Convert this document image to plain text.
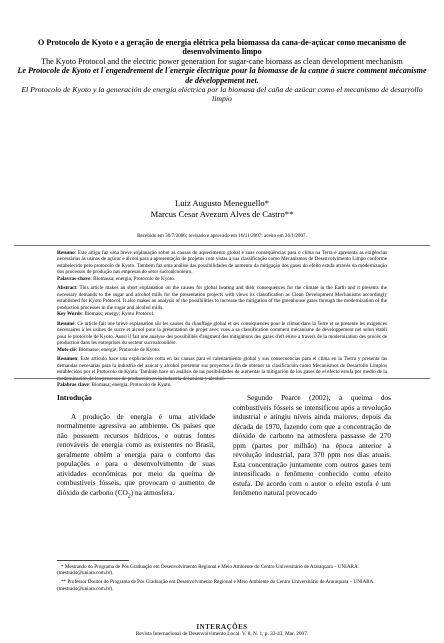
O Protocolo de Kyoto e a geração de energia elétrica pela biomassa da cana-de-açúcar como mecanismo de desenvolvimento limpo

The Kyoto Protocol and the electric power generation for sugar-cane biomass as clean development mechanism

Le Protocole de Kyoto et l´engendrement de l´energie électrique pour la biomasse de la canne à sucre comment mécanisme de développement net.

El Protocolo de Kyoto y la generación de energía eléctrica por la biomasa del caña de azúcar como el mecanismo de desarrollo limpio

Luiz Augusto Meneguello*
Marcus Cesar Avezum Alves de Castro**
Recebido em 30/7/2006; revisado e aprovado em 16/11/2007; aceito em 26/1/2007.

Resumo: Este artigo faz uma breve explanação sobre as causas do aquecimento global e suas conseqüências para o clima na Terra e apresenta as exigências necessárias às usinas de açúcar e álcool para a apresentação de projetos com vistas a sua classificação como Mecanismos de Desenvolvimento Limpo conforme estabelecido pelo protocolo de Kyoto. Também faz uma análise das possibilidades de aumento da mitigação dos gases do efeito estufa através da modernização dos processos de produção nas empresas do setor sucroalcooleiro.

Palavras-chave: Biomassa; energia; Protocolo de Kyoto.

Abstract: This article makes an short explanation on the causes for global heating and their consequences for the climate in the Earth and it presents the necessary demands to the sugar and alcohol mills for the presentation projects with views its classification as Clean Development Mechanisms accordingly established for Kyoto Protocol. It also makes an analysis of the possibilities to increase the mitigation of the greenhouse gases through the modernization of the production processes in the sugar and alcohol mills.

Key Words: Biomass; energy; Kyoto Protocol.

Résumé: Ce article fait une brève explanation sûr les causes du chauffage global et ses conséquences pour le climat dans la Terre et se presente les exigences nécessaires à les usines de sucre et alcool pour la présentation de projet avec vues a sa classification comment mécanisme de développement net selon établi pour le protocole de Kyoto. Aussi il fait une analyse des possibilités d'augment des mitigations des gazes d'eft étuve a travers de la modernisation des procès de production dans les entreprises du secteur sucroalcoolière.

Mots-clé: Biomasse; energie; Protocole de Kyoto.

Resumen: Este artículo hace una explicación corta en las causas para el calentamiento global y sus consecuencias para el clima en la Tierra y presenta las demandas necesarias para la industria del azúcar y alcohol presentar sus proyectos a fin de obtener su clasificación como Mecanismos de Desarrollo Limpios establecidos por el Protocolo de Kyoto. También hace un análisis de las posibilidades de aumentar la mitigación de los gases de el efecto estufa por medio de la modernización de los procesos de producción en la industria del azúcar y alcohol.

Palabras clave: Biomasa; energía; Protocolo de Kyoto.

Introdução

A produção de energia é uma atividade normalmente agressiva ao ambiente. Os países que não possuem recursos hídricos, e outras fontes renováveis de energia como as existentes no Brasil, geralmente obtêm a energia para o conforto das populações e para o desenvolvimento de suas atividades econômicas por meio da queima de combustíveis fósseis, que provocam o aumento de dióxido de carbono $(CO_2)$ na atmosfera.

Segundo Pearce (2002), a queima dos combustíveis fósseis se intensificou após a revolução industrial e atingiu níveis ainda maiores, depois da década de 1970, fazendo com que a concentração de dióxido de carbono na atmosfera passasse de 270 ppm (partes por milhão) na época anterior à revolução industrial, para 370 ppm nos dias atuais. Esta concentração juntamente com outros gases tem intensificado o fenômeno conhecido como efeito estufa. De acordo com o autor o efeito estufa é um fenômeno natural provocado

* Mestrando do Programa de Pós Graduação em Desenvolvimento Regional e Meio Ambiente do Centro Universitário de Araraquara – UNIARA. (mestrado@uniara.com.br).

** Professor Doutor do Programa de Pós Graduação em Desenvolvimento Regional e Meio Ambiente do Centro Universitário de Araraquara – UNIARA. (mestrado@uniara.com.br).

INTERAÇÕES
Revista Internacional de Desenvolvimento Local. V. 8, N. 1, p. 33-43, Mar. 2007.
